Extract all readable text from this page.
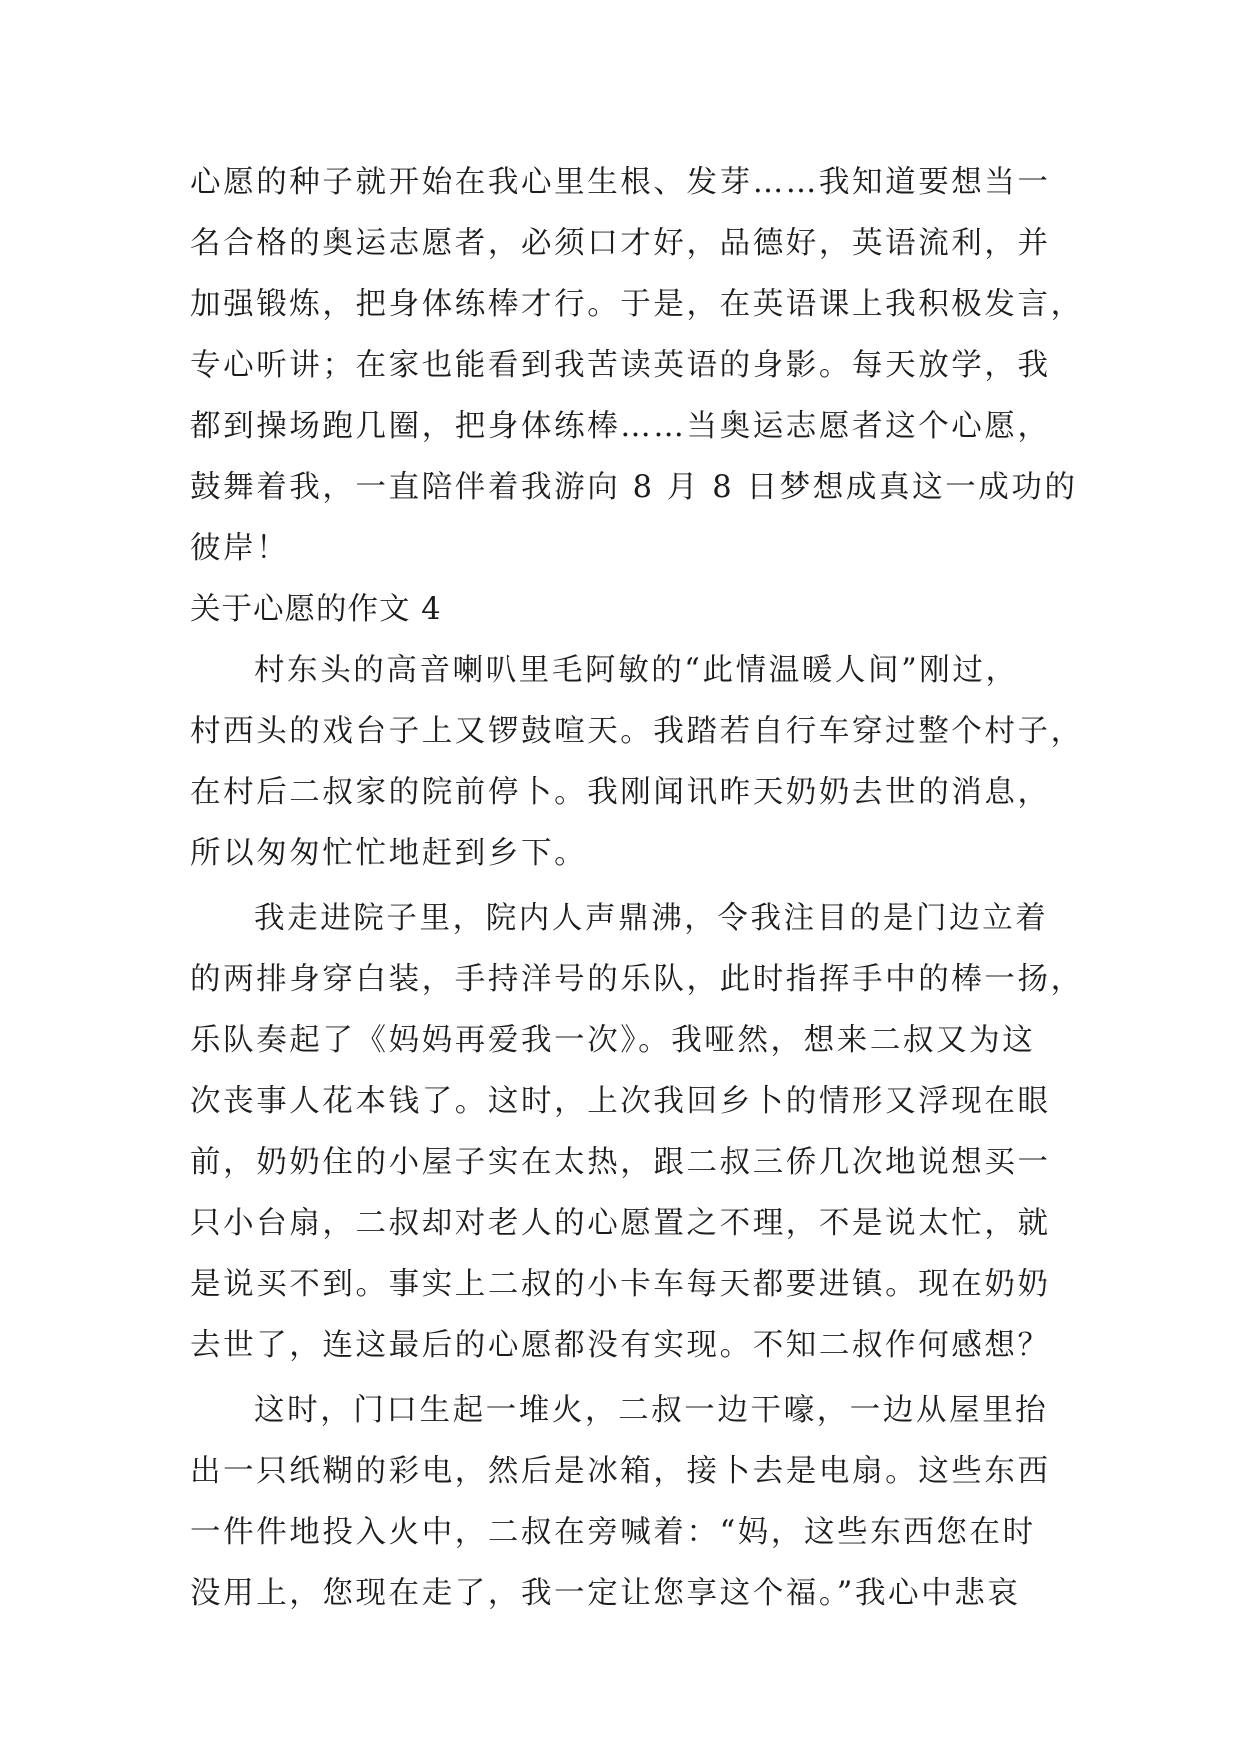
心愿的种子就开始在我心里生根、发芽……我知道要想当一
名合格的奥运志愿者，必须口才好，品德好，英语流利，并
加强锻炼，把身体练棒才行。于是，在英语课上我积极发言，
专心听讲；在家也能看到我苦读英语的身影。每天放学，我
都到操场跑几圈，把身体练棒……当奥运志愿者这个心愿，
鼓舞着我，一直陪伴着我游向 8 月 8 日梦想成真这一成功的
彼岸！
关于心愿的作文 4
村东头的高音喇叭里毛阿敏的“此情温暖人间”刚过，
村西头的戏台子上又锣鼓喧天。我踏若自行车穿过整个村子，
在村后二叔家的院前停卜。我刚闻讯昨天奶奶去世的消息，
所以匆匆忙忙地赶到乡下。
我走进院子里，院内人声鼎沸，令我注目的是门边立着
的两排身穿白装，手持洋号的乐队，此时指挥手中的棒一扬，
乐队奏起了《妈妈再爱我一次》。我哑然，想来二叔又为这
次丧事人花本钱了。这时，上次我回乡卜的情形又浮现在眼
前，奶奶住的小屋子实在太热，跟二叔三侨几次地说想买一
只小台扇，二叔却对老人的心愿置之不理，不是说太忙，就
是说买不到。事实上二叔的小卡车每天都要进镇。现在奶奶
去世了，连这最后的心愿都没有实现。不知二叔作何感想？
这时，门口生起一堆火，二叔一边干嚎，一边从屋里抬
出一只纸糊的彩电，然后是冰箱，接卜去是电扇。这些东西
一件件地投入火中，二叔在旁喊着：“妈，这些东西您在时
没用上，您现在走了，我一定让您享这个福。”我心中悲哀
